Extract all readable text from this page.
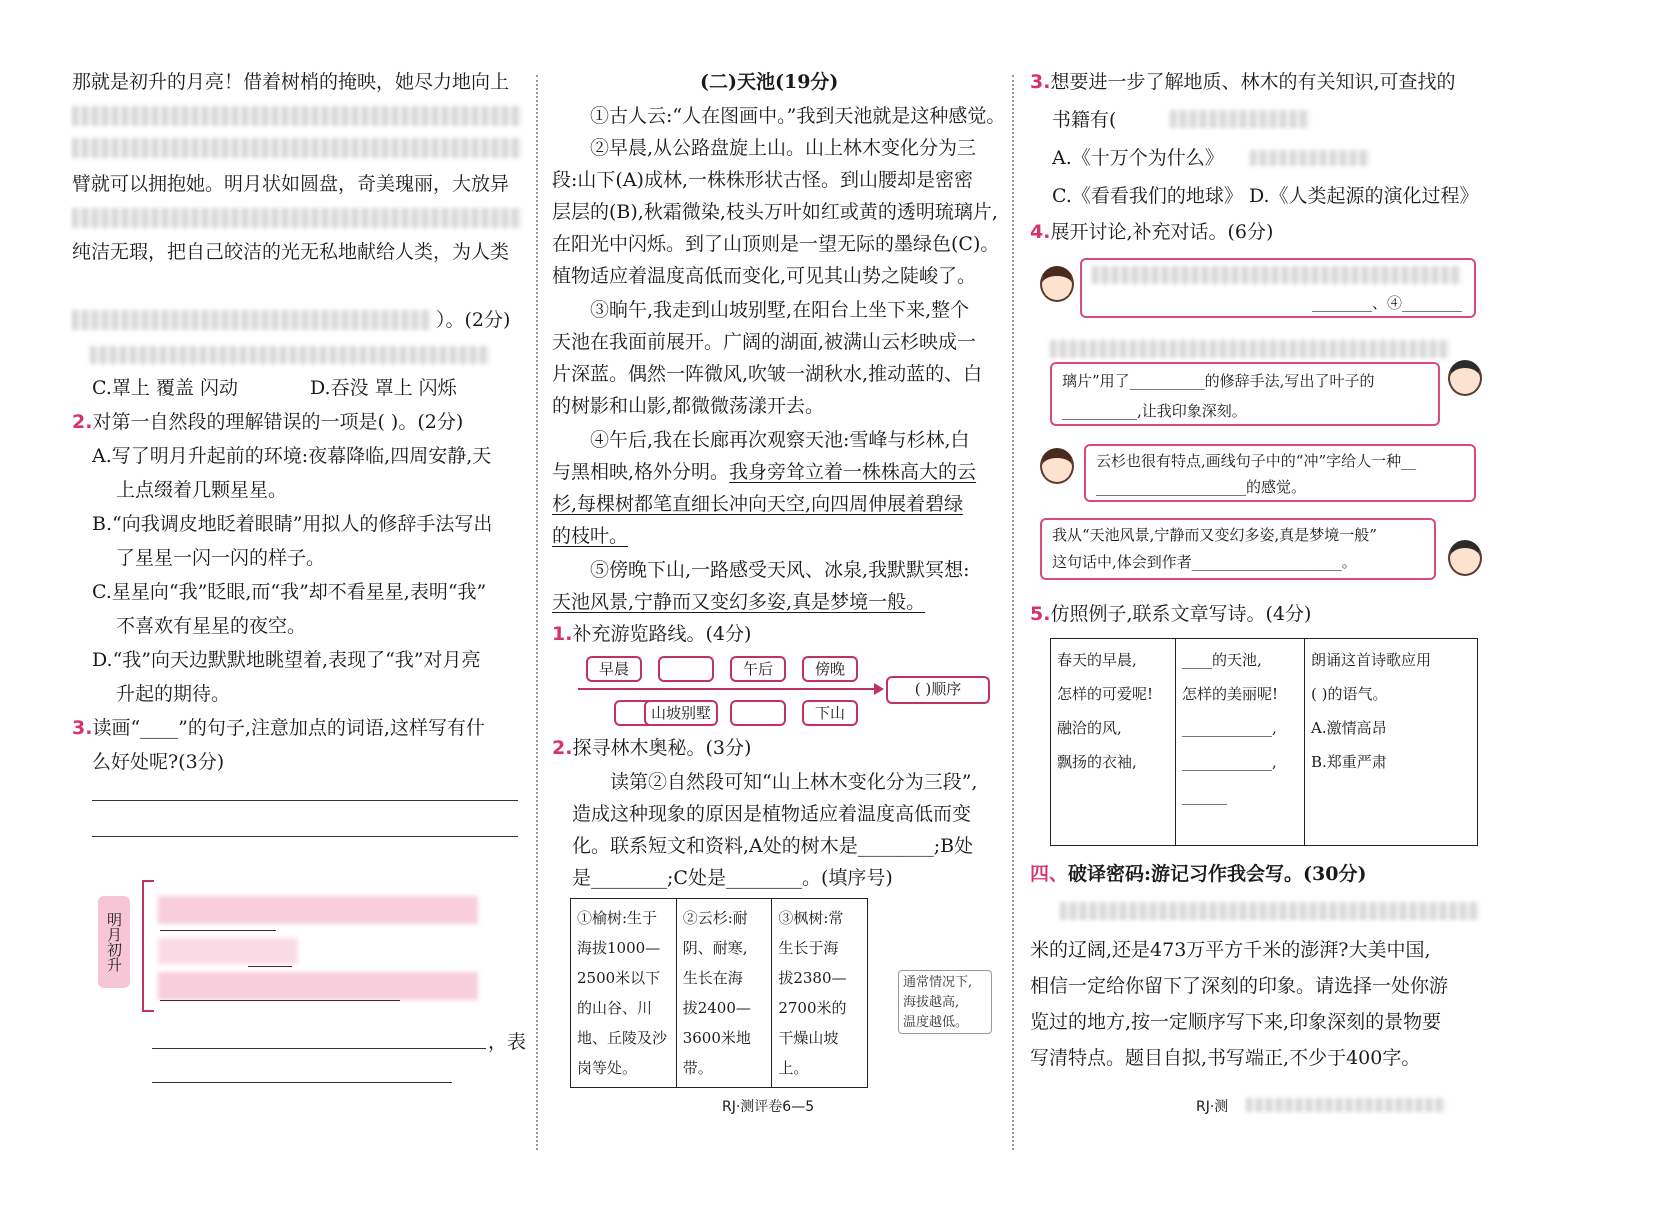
那就是初升的月亮！借着树梢的掩映，她尽力地向上
臂就可以拥抱她。明月状如圆盘，奇美瑰丽，大放异
纯洁无瑕，把自己皎洁的光无私地献给人类，为人类
）。(2分)
C.罩上 覆盖 闪动	D.吞没 罩上 闪烁
2.对第一自然段的理解错误的一项是( )。(2分)
A.写了明月升起前的环境:夜幕降临,四周安静,天
上点缀着几颗星星。
B.“向我调皮地眨着眼睛”用拟人的修辞手法写出
了星星一闪一闪的样子。
C.星星向“我”眨眼,而“我”却不看星星,表明“我”
不喜欢有星星的夜空。
D.“我”向天边默默地眺望着,表现了“我”对月亮
升起的期待。
3.读画“____”的句子,注意加点的词语,这样写有什
么好处呢?(3分)
明月初升
，表
(二)天池(19分)
①古人云:“人在图画中。”我到天池就是这种感觉。
②早晨,从公路盘旋上山。山上林木变化分为三
段:山下(A)成林,一株株形状古怪。到山腰却是密密
层层的(B),秋霜微染,枝头万叶如红或黄的透明琉璃片,
在阳光中闪烁。到了山顶则是一望无际的墨绿色(C)。
植物适应着温度高低而变化,可见其山势之陡峻了。
③晌午,我走到山坡别墅,在阳台上坐下来,整个
天池在我面前展开。广阔的湖面,被满山云杉映成一
片深蓝。偶然一阵微风,吹皱一湖秋水,推动蓝的、白
的树影和山影,都微微荡漾开去。
④午后,我在长廊再次观察天池:雪峰与杉林,白
与黑相映,格外分明。我身旁耸立着一株株高大的云
杉,每棵树都笔直细长冲向天空,向四周伸展着碧绿
的枝叶。
⑤傍晚下山,一路感受天风、冰泉,我默默冥想:
天池风景,宁静而又变幻多姿,真是梦境一般。
1.补充游览路线。(4分)
早晨	午后	傍晚
山坡别墅	下山
( )顺序
2.探寻林木奥秘。(3分)
读第②自然段可知“山上林木变化分为三段”,
造成这种现象的原因是植物适应着温度高低而变
化。联系短文和资料,A处的树木是________;B处
是________;C处是________。(填序号)
①榆树:生于
海拔1000—
2500米以下
的山谷、川
地、丘陵及沙
岗等处。

②云杉:耐
阴、耐寒,
生长在海
拔2400—
3600米地带。

③枫树:常
生长于海
拔2380—
2700米的
干燥山坡上。
通常情况下,
海拔越高,
温度越低。
RJ·测评卷6—5
3.想要进一步了解地质、林木的有关知识,可查找的
书籍有(
A.《十万个为什么》
C.《看看我们的地球》 D.《人类起源的演化过程》
4.展开讨论,补充对话。(6分)
________、④________
璃片”用了__________的修辞手法,写出了叶子的
__________,让我印象深刻。
云杉也很有特点,画线句子中的“冲”字给人一种__
____________________的感觉。
我从“天池风景,宁静而又变幻多姿,真是梦境一般”
这句话中,体会到作者____________________。
5.仿照例子,联系文章写诗。(4分)
春天的早晨,
怎样的可爱呢!
融洽的风,
飘扬的衣袖,

____的天池,
怎样的美丽呢!
____________,
____________,
______

朗诵这首诗歌应用
( )的语气。
A.激情高昂
B.郑重严肃
四、破译密码:游记习作我会写。(30分)
米的辽阔,还是473万平方千米的澎湃?大美中国,
相信一定给你留下了深刻的印象。请选择一处你游
览过的地方,按一定顺序写下来,印象深刻的景物要
写清特点。题目自拟,书写端正,不少于400字。
RJ·测
